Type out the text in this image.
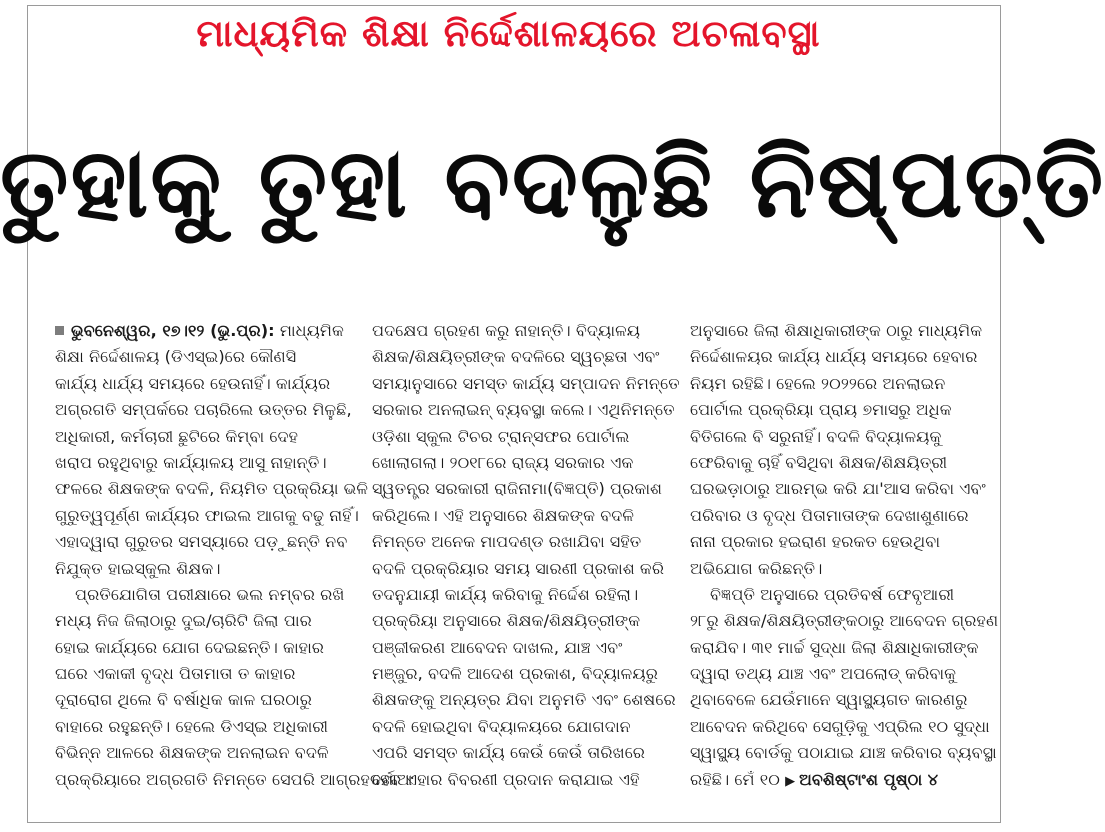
ମାଧ୍ୟମିକ ଶିକ୍ଷା ନିର୍ଦ୍ଦେଶାଳୟରେ ଅଚଳାବସ୍ଥା
ତୁହାକୁ ତୁହା ବଦଳୁଛି ନିଷ୍ପତ୍ତି
ଭୁବନେଶ୍ୱର, ୧୭।୧୨ (ଭୁ.ପ୍ର): ମାଧ୍ୟମିକ
ଶିକ୍ଷା ନିର୍ଦ୍ଦେଶାଳୟ (ଡିଏସ୍‌ଇ)ରେ କୌଣସି
କାର୍ଯ୍ୟ ଧାର୍ଯ୍ୟ ସମୟରେ ହେଉନାହିଁ। କାର୍ଯ୍ୟର
ଅଗ୍ରଗତି ସମ୍ପର୍କରେ ପଚାରିଲେ ଉତ୍ତର ମିଳୁଛି,
ଅଧିକାରୀ, କର୍ମଚାରୀ ଛୁଟିରେ କିମ୍ବା ଦେହ
ଖରାପ ରହୁଥିବାରୁ କାର୍ଯ୍ୟାଳୟ ଆସୁ ନାହାନ୍ତି।
ଫଳରେ ଶିକ୍ଷକଙ୍କ ବଦଳି, ନିୟମିତ ପ୍ରକ୍ରିୟା ଭଳି
ଗୁରୁତ୍ୱପୂର୍ଣ୍ଣ କାର୍ଯ୍ୟର ଫାଇଲ ଆଗକୁ ବଢୁ ନାହିଁ।
ଏହାଦ୍ୱାରା ଗୁରୁତର ସମସ୍ୟାରେ ପଡ଼ୁଛନ୍ତି ନବ
ନିଯୁକ୍ତ ହାଇସ୍କୁଲ ଶିକ୍ଷକ।
ପ୍ରତିଯୋଗିତା ପରୀକ୍ଷାରେ ଭଲ ନମ୍ବର ରଖି
ମଧ୍ୟ ନିଜ ଜିଲାଠାରୁ ଦୁଇ/ଚାରିଟି ଜିଲା ପାର
ହୋଇ କାର୍ଯ୍ୟରେ ଯୋଗ ଦେଇଛନ୍ତି। କାହାର
ଘରେ ଏକାକୀ ବୃଦ୍ଧ ପିତାମାତା ତ କାହାର
ଦୂରାରୋଗ ଥିଲେ ବି ବର୍ଷାଧିକ କାଳ ଘରଠାରୁ
ବାହାରେ ରହୁଛନ୍ତି। ହେଲେ ଡିଏସ୍‌ଇ ଅଧିକାରୀ
ବିଭିନ୍ନ ଆଳରେ ଶିକ୍ଷକଙ୍କ ଅନଲାଇନ ବଦଳି
ପ୍ରକ୍ରିୟାରେ ଅଗ୍ରଗତି ନିମନ୍ତେ ସେପରି ଆଗ୍ରହଦର୍ଶାଆ
ପଦକ୍ଷେପ ଗ୍ରହଣ କରୁ ନାହାନ୍ତି। ବିଦ୍ୟାଳୟ
ଶିକ୍ଷକ/ଶିକ୍ଷୟିତ୍ରୀଙ୍କ ବଦଳିରେ ସ୍ୱଚ୍ଛତା ଏବଂ
ସମୟାନୁସାରେ ସମସ୍ତ କାର୍ଯ୍ୟ ସମ୍ପାଦନ ନିମନ୍ତେ
ସରକାର ଅନଲାଇନ୍ ବ୍ୟବସ୍ଥା କଲେ। ଏଥିନିମନ୍ତେ
ଓଡ଼ିଶା ସ୍କୁଲ ଟିଚର ଟ୍ରାନ୍ସଫର ପୋର୍ଟାଲ
ଖୋଲାଗଲା। ୨୦୧୮ରେ ରାଜ୍ୟ ସରକାର ଏକ
ସ୍ୱତନ୍ତ୍ର ସରକାରୀ ରାଜିନାମା(ବିଜ୍ଞପ୍ତି) ପ୍ରକାଶ
କରିଥିଲେ। ଏହି ଅନୁସାରେ ଶିକ୍ଷକଙ୍କ ବଦଳି
ନିମନ୍ତେ ଅନେକ ମାପଦଣ୍ଡ ରଖାଯିବା ସହିତ
ବଦଳି ପ୍ରକ୍ରିୟାର ସମୟ ସାରଣୀ ପ୍ରକାଶ କରି
ତଦନୁଯାୟୀ କାର୍ଯ୍ୟ କରିବାକୁ ନିର୍ଦ୍ଦେଶ ରହିଲା।
ପ୍ରକ୍ରିୟା ଅନୁସାରେ ଶିକ୍ଷକ/ଶିକ୍ଷୟିତ୍ରୀଙ୍କ
ପଞ୍ଜୀକରଣ ଆବେଦନ ଦାଖଲ, ଯାଞ୍ଚ ଏବଂ
ମଞ୍ଜୁର, ବଦଳି ଆଦେଶ ପ୍ରକାଶ, ବିଦ୍ୟାଳୟରୁ
ଶିକ୍ଷକଙ୍କୁ ଅନ୍ୟତ୍ର ଯିବା ଅନୁମତି ଏବଂ ଶେଷରେ
ବଦଳି ହୋଇଥିବା ବିଦ୍ୟାଳୟରେ ଯୋଗଦାନ
ଏପରି ସମସ୍ତ କାର୍ଯ୍ୟ କେଉଁ କେଉଁ ତାରିଖରେ
ହେବ ଏହାର ବିବରଣୀ ପ୍ରଦାନ କରାଯାଇ ଏହି
ଅନୁସାରେ ଜିଲା ଶିକ୍ଷାଧିକାରୀଙ୍କ ଠାରୁ ମାଧ୍ୟମିକ
ନିର୍ଦ୍ଦେଶାଳୟର କାର୍ଯ୍ୟ ଧାର୍ଯ୍ୟ ସମୟରେ ହେବାର
ନିୟମ ରହିଛି। ହେଲେ ୨୦୨୨ରେ ଅନଲାଇନ
ପୋର୍ଟାଲ ପ୍ରକ୍ରିୟା ପ୍ରାୟ ୭ମାସରୁ ଅଧିକ
ବିତିଗଲେ ବି ସରୁନାହିଁ। ବଦଳି ବିଦ୍ୟାଳୟକୁ
ଫେରିବାକୁ ଚାହିଁ ବସିଥିବା ଶିକ୍ଷକ/ଶିକ୍ଷୟିତ୍ରୀ
ଘରଭଡ଼ାଠାରୁ ଆରମ୍ଭ କରି ଯା'ଆସ କରିବା ଏବଂ
ପରିବାର ଓ ବୃଦ୍ଧ ପିତାମାତାଙ୍କ ଦେଖାଶୁଣାରେ
ନାନା ପ୍ରକାର ହଇରାଣ ହରକତ ହେଉଥିବା
ଅଭିଯୋଗ କରିଛନ୍ତି।
ବିଜ୍ଞପ୍ତି ଅନୁସାରେ ପ୍ରତିବର୍ଷ ଫେବୃଆରୀ
୨୮ରୁ ଶିକ୍ଷକ/ଶିକ୍ଷୟିତ୍ରୀଙ୍କଠାରୁ ଆବେଦନ ଗ୍ରହଣ
କରାଯିବ। ୩୧ ମାର୍ଚ୍ଚ ସୁଦ୍ଧା ଜିଲା ଶିକ୍ଷାଧିକାରୀଙ୍କ
ଦ୍ୱାରା ତଥ୍ୟ ଯାଞ୍ଚ ଏବଂ ଅପଲୋଡ୍ କରିବାକୁ
ଥିବାବେଳେ ଯେଉଁମାନେ ସ୍ୱାସ୍ଥ୍ୟଗତ କାରଣରୁ
ଆବେଦନ କରିଥିବେ ସେଗୁଡ଼ିକୁ ଏପ୍ରିଲ ୧୦ ସୁଦ୍ଧା
ସ୍ୱାସ୍ଥ୍ୟ ବୋର୍ଡକୁ ପଠାଯାଇ ଯାଞ୍ଚ କରିବାର ବ୍ୟବସ୍ଥା
ରହିଛି। ମେଁ ୧୦ ▶ ଅବଶିଷ୍ଟାଂଶ ପୃଷ୍ଠା ୪
